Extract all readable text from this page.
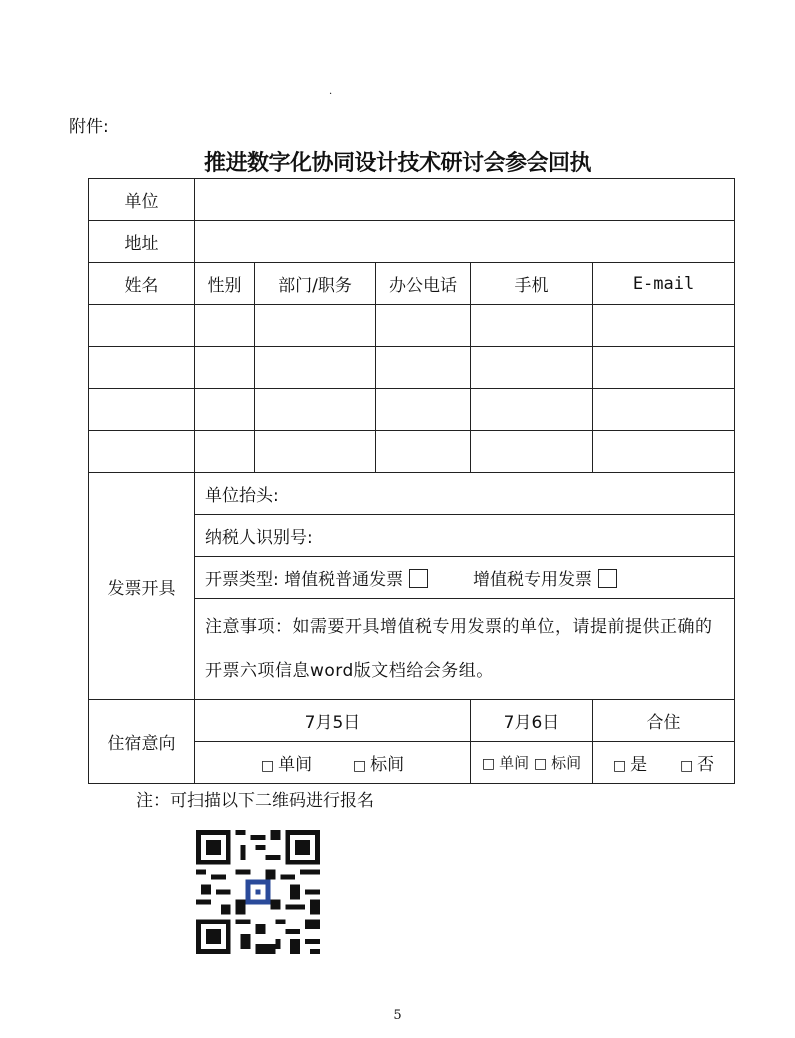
.
附件:
推进数字化协同设计技术研讨会参会回执
单位					
地址					
姓名	性别	部门/职务	办公电话	手机	E-mail

发票开具	单位抬头:				
	纳税人识别号:				
	开票类型: 增值税普通发票 增值税专用发票				
	注意事项：如需要开具增值税专用发票的单位，请提前提供正确的开票六项信息word版文档给会务组。				
住宿意向	7月5日			7月6日	合住
	□ 单间 □ 标间			□ 单间 □ 标间	□ 是 □ 否
注：可扫描以下二维码进行报名
5
